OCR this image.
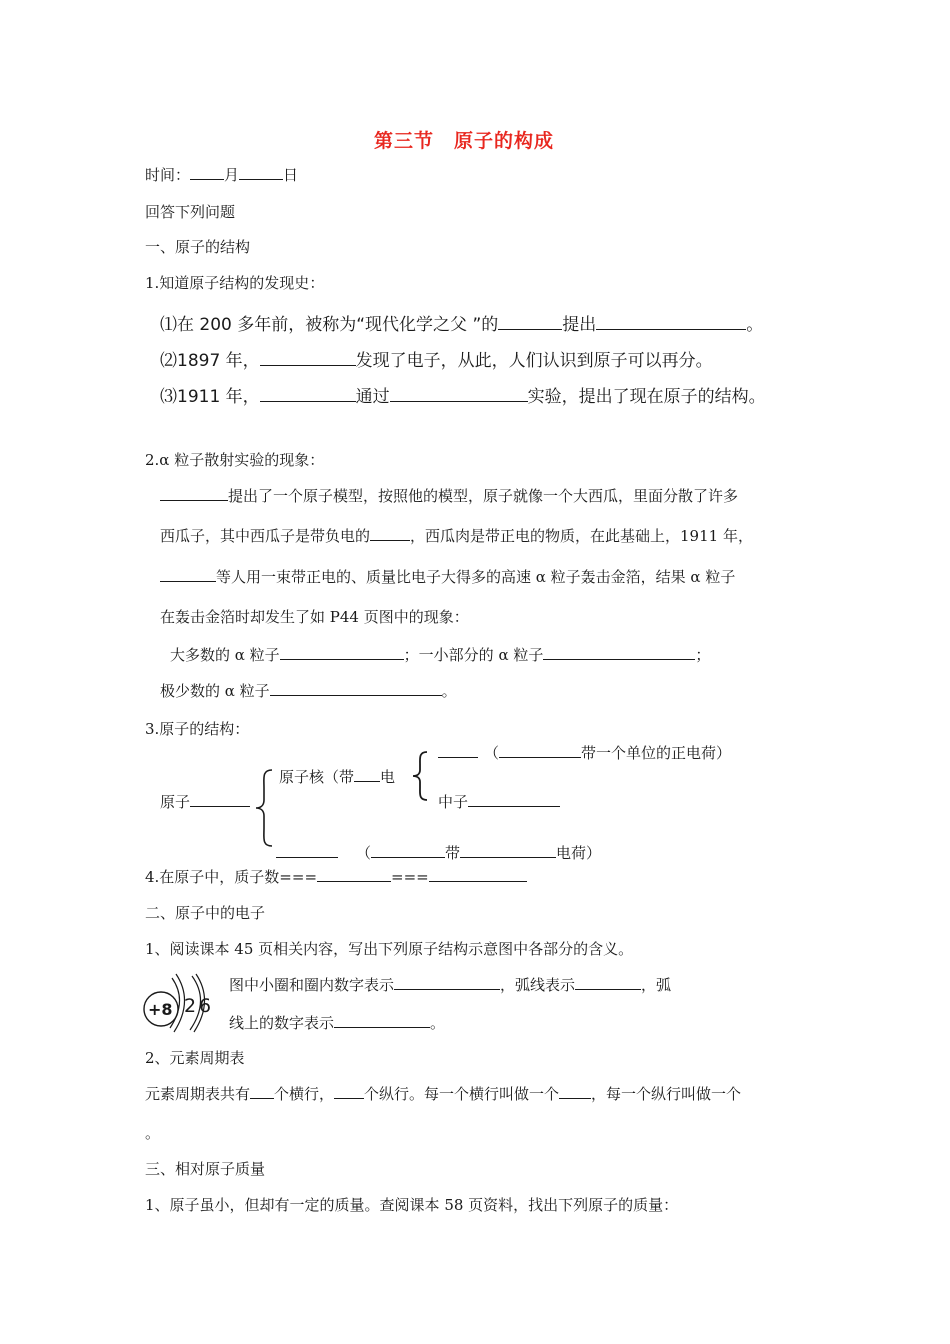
第三节　原子的构成
时间： 月	日
回答下列问题
一、原子的结构
1.知道原子结构的发现史：
⑴在 200 多年前，被称为“现代化学之父 ”的	提出	。
⑵1897 年，	发现了电子，从此，人们认识到原子可以再分。
⑶1911 年，	通过	实验，提出了现在原子的结构。
2.α 粒子散射实验的现象：
提出了一个原子模型，按照他的模型，原子就像一个大西瓜，里面分散了许多
西瓜子，其中西瓜子是带负电的	，西瓜肉是带正电的物质，在此基础上，1911 年，
等人用一束带正电的、质量比电子大得多的高速 α 粒子轰击金箔，结果 α 粒子
在轰击金箔时却发生了如 P44 页图中的现象：
大多数的 α 粒子	；一小部分的 α 粒子	；
极少数的 α 粒子	。
3.原子的结构：
原子
原子核（带 电
（	带一个单位的正电荷）
中子
（	带	电荷）
4.在原子中，质子数===	===
二、原子中的电子
1、阅读课本 45 页相关内容，写出下列原子结构示意图中各部分的含义。
+8 2 6
图中小圈和圈内数字表示	，弧线表示	，弧
线上的数字表示	。
2、元素周期表
元素周期表共有 个横行， 个纵行。每一个横行叫做一个 ，每一个纵行叫做一个
。
三、相对原子质量
1、原子虽小，但却有一定的质量。查阅课本 58 页资料，找出下列原子的质量：
